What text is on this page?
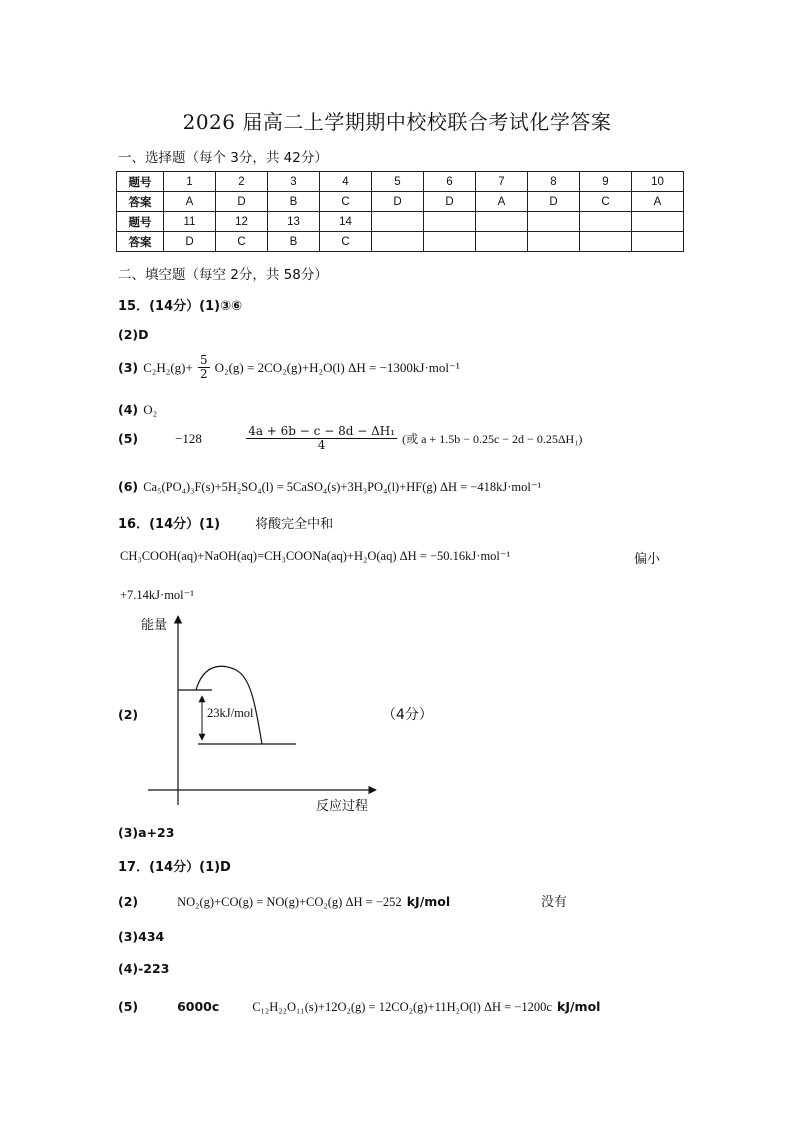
2026 届高二上学期期中校校联合考试化学答案
一、选择题（每个 3分，共 42分）
题号	1	2	3	4	5	6	7	8	9	10
答案	A	D	B	C	D	D	A	D	C	A
题号	11	12	13	14						
答案	D	C	B	C						
二、填空题（每空 2分，共 58分）
15．(14分）(1)③⑥
(2)D
(3) $C_2H_2(g)+ \frac{5}{2} O_2(g) = 2CO_2(g)+H_2O(l) \Delta H = -1300kJ\cdot mol^{-1}$
(4) O₂
(5)	−128	$\frac{\text{4a + 6b − c − 8d − ΔH₁}}{4}$ (或 a + 1.5b − 0.25c − 2d − 0.25ΔH₁)
(6) Ca₅(PO₄)₃F(s)+5H₂SO₄(l) = 5CaSO₄(s)+3H₃PO₄(l)+HF(g) ΔH = −418kJ·mol⁻¹
16．(14分）(1)	将酸完全中和
CH₃COOH(aq)+NaOH(aq)=CH₃COONa(aq)+H₂O(aq) ΔH = −50.16kJ·mol⁻¹	偏小
+7.14kJ·mol⁻¹
能量
23kJ/mol
(2)	（4分）
反应过程
(3)a+23
17．(14分）(1)D
(2)	NO₂(g)+CO(g) = NO(g)+CO₂(g) ΔH = −252 kJ/mol	没有
(3)434
(4)-223
(5)	6000c	C₁₂H₂₂O₁₁(s)+12O₂(g) = 12CO₂(g)+11H₂O(l) ΔH = −1200c kJ/mol
